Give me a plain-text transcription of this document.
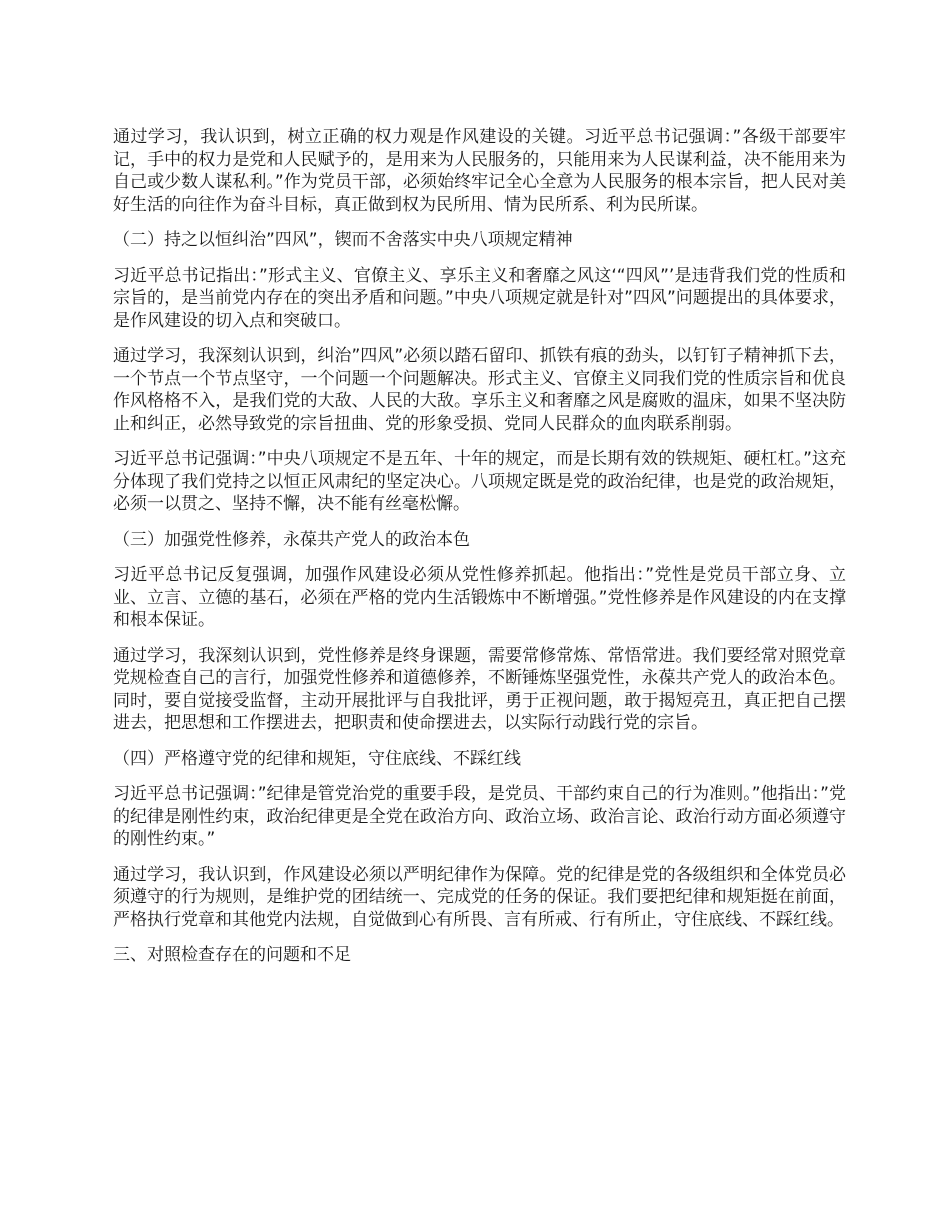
通过学习，我认识到，树立正确的权力观是作风建设的关键。习近平总书记强调：”各级干部要牢记，手中的权力是党和人民赋予的，是用来为人民服务的，只能用来为人民谋利益，决不能用来为自己或少数人谋私利。”作为党员干部，必须始终牢记全心全意为人民服务的根本宗旨，把人民对美好生活的向往作为奋斗目标，真正做到权为民所用、情为民所系、利为民所谋。

（二）持之以恒纠治”四风”，锲而不舍落实中央八项规定精神

习近平总书记指出：”形式主义、官僚主义、享乐主义和奢靡之风这‘“四风”’是违背我们党的性质和宗旨的，是当前党内存在的突出矛盾和问题。”中央八项规定就是针对”四风”问题提出的具体要求，是作风建设的切入点和突破口。

通过学习，我深刻认识到，纠治”四风”必须以踏石留印、抓铁有痕的劲头，以钉钉子精神抓下去，一个节点一个节点坚守，一个问题一个问题解决。形式主义、官僚主义同我们党的性质宗旨和优良作风格格不入，是我们党的大敌、人民的大敌。享乐主义和奢靡之风是腐败的温床，如果不坚决防止和纠正，必然导致党的宗旨扭曲、党的形象受损、党同人民群众的血肉联系削弱。

习近平总书记强调：”中央八项规定不是五年、十年的规定，而是长期有效的铁规矩、硬杠杠。”这充分体现了我们党持之以恒正风肃纪的坚定决心。八项规定既是党的政治纪律，也是党的政治规矩，必须一以贯之、坚持不懈，决不能有丝毫松懈。

（三）加强党性修养，永葆共产党人的政治本色

习近平总书记反复强调，加强作风建设必须从党性修养抓起。他指出：”党性是党员干部立身、立业、立言、立德的基石，必须在严格的党内生活锻炼中不断增强。”党性修养是作风建设的内在支撑和根本保证。

通过学习，我深刻认识到，党性修养是终身课题，需要常修常炼、常悟常进。我们要经常对照党章党规检查自己的言行，加强党性修养和道德修养，不断锤炼坚强党性，永葆共产党人的政治本色。同时，要自觉接受监督，主动开展批评与自我批评，勇于正视问题，敢于揭短亮丑，真正把自己摆进去，把思想和工作摆进去，把职责和使命摆进去，以实际行动践行党的宗旨。

（四）严格遵守党的纪律和规矩，守住底线、不踩红线

习近平总书记强调：”纪律是管党治党的重要手段，是党员、干部约束自己的行为准则。”他指出：”党的纪律是刚性约束，政治纪律更是全党在政治方向、政治立场、政治言论、政治行动方面必须遵守的刚性约束。”

通过学习，我认识到，作风建设必须以严明纪律作为保障。党的纪律是党的各级组织和全体党员必须遵守的行为规则，是维护党的团结统一、完成党的任务的保证。我们要把纪律和规矩挺在前面，严格执行党章和其他党内法规，自觉做到心有所畏、言有所戒、行有所止，守住底线、不踩红线。

三、对照检查存在的问题和不足
